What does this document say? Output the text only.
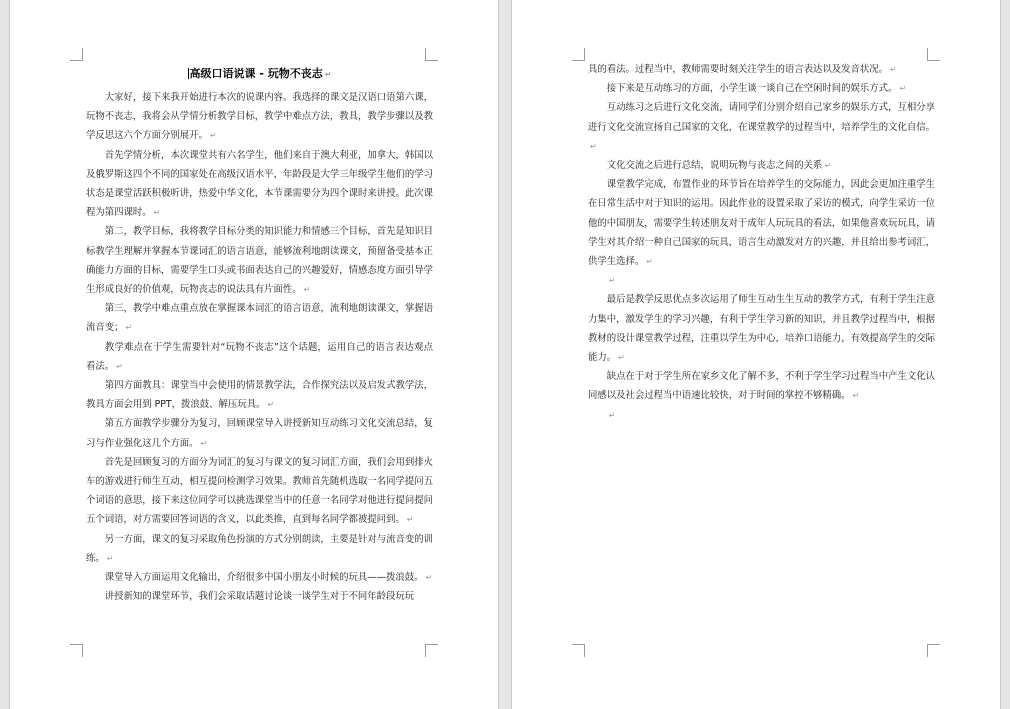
高级口语说课 - 玩物不丧志 ↵

大家好，接下来我开始进行本次的说课内容。我选择的课文是汉语口语第六课，玩物不丧志，我将会从学情分析教学目标，教学中难点方法，教具，教学步骤以及教学反思这六个方面分别展开。 ↵

首先学情分析，本次课堂共有六名学生，他们来自于澳大利亚，加拿大，韩国以及俄罗斯这四个不同的国家处在高级汉语水平，年龄段是大学三年级学生他们的学习状态是课堂活跃积极听讲，热爱中华文化，本节课需要分为四个课时来讲授。此次课程为第四课时。 ↵

第二，教学目标，我将教学目标分类的知识能力和情感三个目标，首先是知识目标教学生理解并掌握本节课词汇的语言语意，能够流利地朗读课文，预留备受基本正确能力方面的目标，需要学生口头或书面表达自己的兴趣爱好，情感态度方面引导学生形成良好的价值观，玩物丧志的说法具有片面性。 ↵

第三，教学中难点重点放在掌握课本词汇的语言语意，流利地朗读课文，掌握语流音变； ↵

教学难点在于学生需要针对“玩物不丧志”这个话题，运用自己的语言表达观点看法。 ↵

第四方面教具：课堂当中会使用的情景教学法，合作探究法以及启发式教学法，教具方面会用到 PPT，拨浪鼓、解压玩具。 ↵

第五方面教学步骤分为复习，回顾课堂导入讲授新知互动练习文化交流总结，复习与作业强化这几个方面。 ↵

首先是回顾复习的方面分为词汇的复习与课文的复习词汇方面，我们会用到排火车的游戏进行师生互动，相互提问检测学习效果。教师首先随机选取一名同学提问五个词语的意思，接下来这位同学可以挑选课堂当中的任意一名同学对他进行提问提问五个词语，对方需要回答词语的含义，以此类推，直到每名同学都被提问到。 ↵

另一方面，课文的复习采取角色扮演的方式分别朗读，主要是针对与流音变的训练。 ↵

课堂导入方面运用文化输出，介绍很多中国小朋友小时候的玩具——拨浪鼓。 ↵

讲授新知的课堂环节，我们会采取话题讨论谈一谈学生对于不同年龄段玩玩

具的看法。过程当中，教师需要时刻关注学生的语言表达以及发音状况。 ↵

接下来是互动练习的方面，小学生谈一谈自己在空闲时间的娱乐方式。 ↵

互动练习之后进行文化交流，请同学们分别介绍自己家乡的娱乐方式，互相分享进行文化交流宣扬自己国家的文化，在课堂教学的过程当中，培养学生的文化自信。↵

文化交流之后进行总结，说明玩物与丧志之间的关系 ↵

课堂教学完成，布置作业的环节旨在培养学生的交际能力，因此会更加注重学生在日常生活中对于知识的运用。因此作业的设置采取了采访的模式，向学生采访一位他的中国朋友，需要学生转述朋友对于成年人玩玩具的看法，如果他喜欢玩玩具，请学生对其介绍一种自己国家的玩具，语言生动激发对方的兴趣，并且给出参考词汇，供学生选择。 ↵

↵

最后是教学反思优点多次运用了师生互动生生互动的教学方式，有利于学生注意力集中，激发学生的学习兴趣，有利于学生学习新的知识，并且教学过程当中，根据教材的设计课堂教学过程，注重以学生为中心，培养口语能力，有效提高学生的交际能力。 ↵

缺点在于对于学生所在家乡文化了解不多，不利于学生学习过程当中产生文化认同感以及社会过程当中语速比较快，对于时间的掌控不够精确。 ↵

↵
